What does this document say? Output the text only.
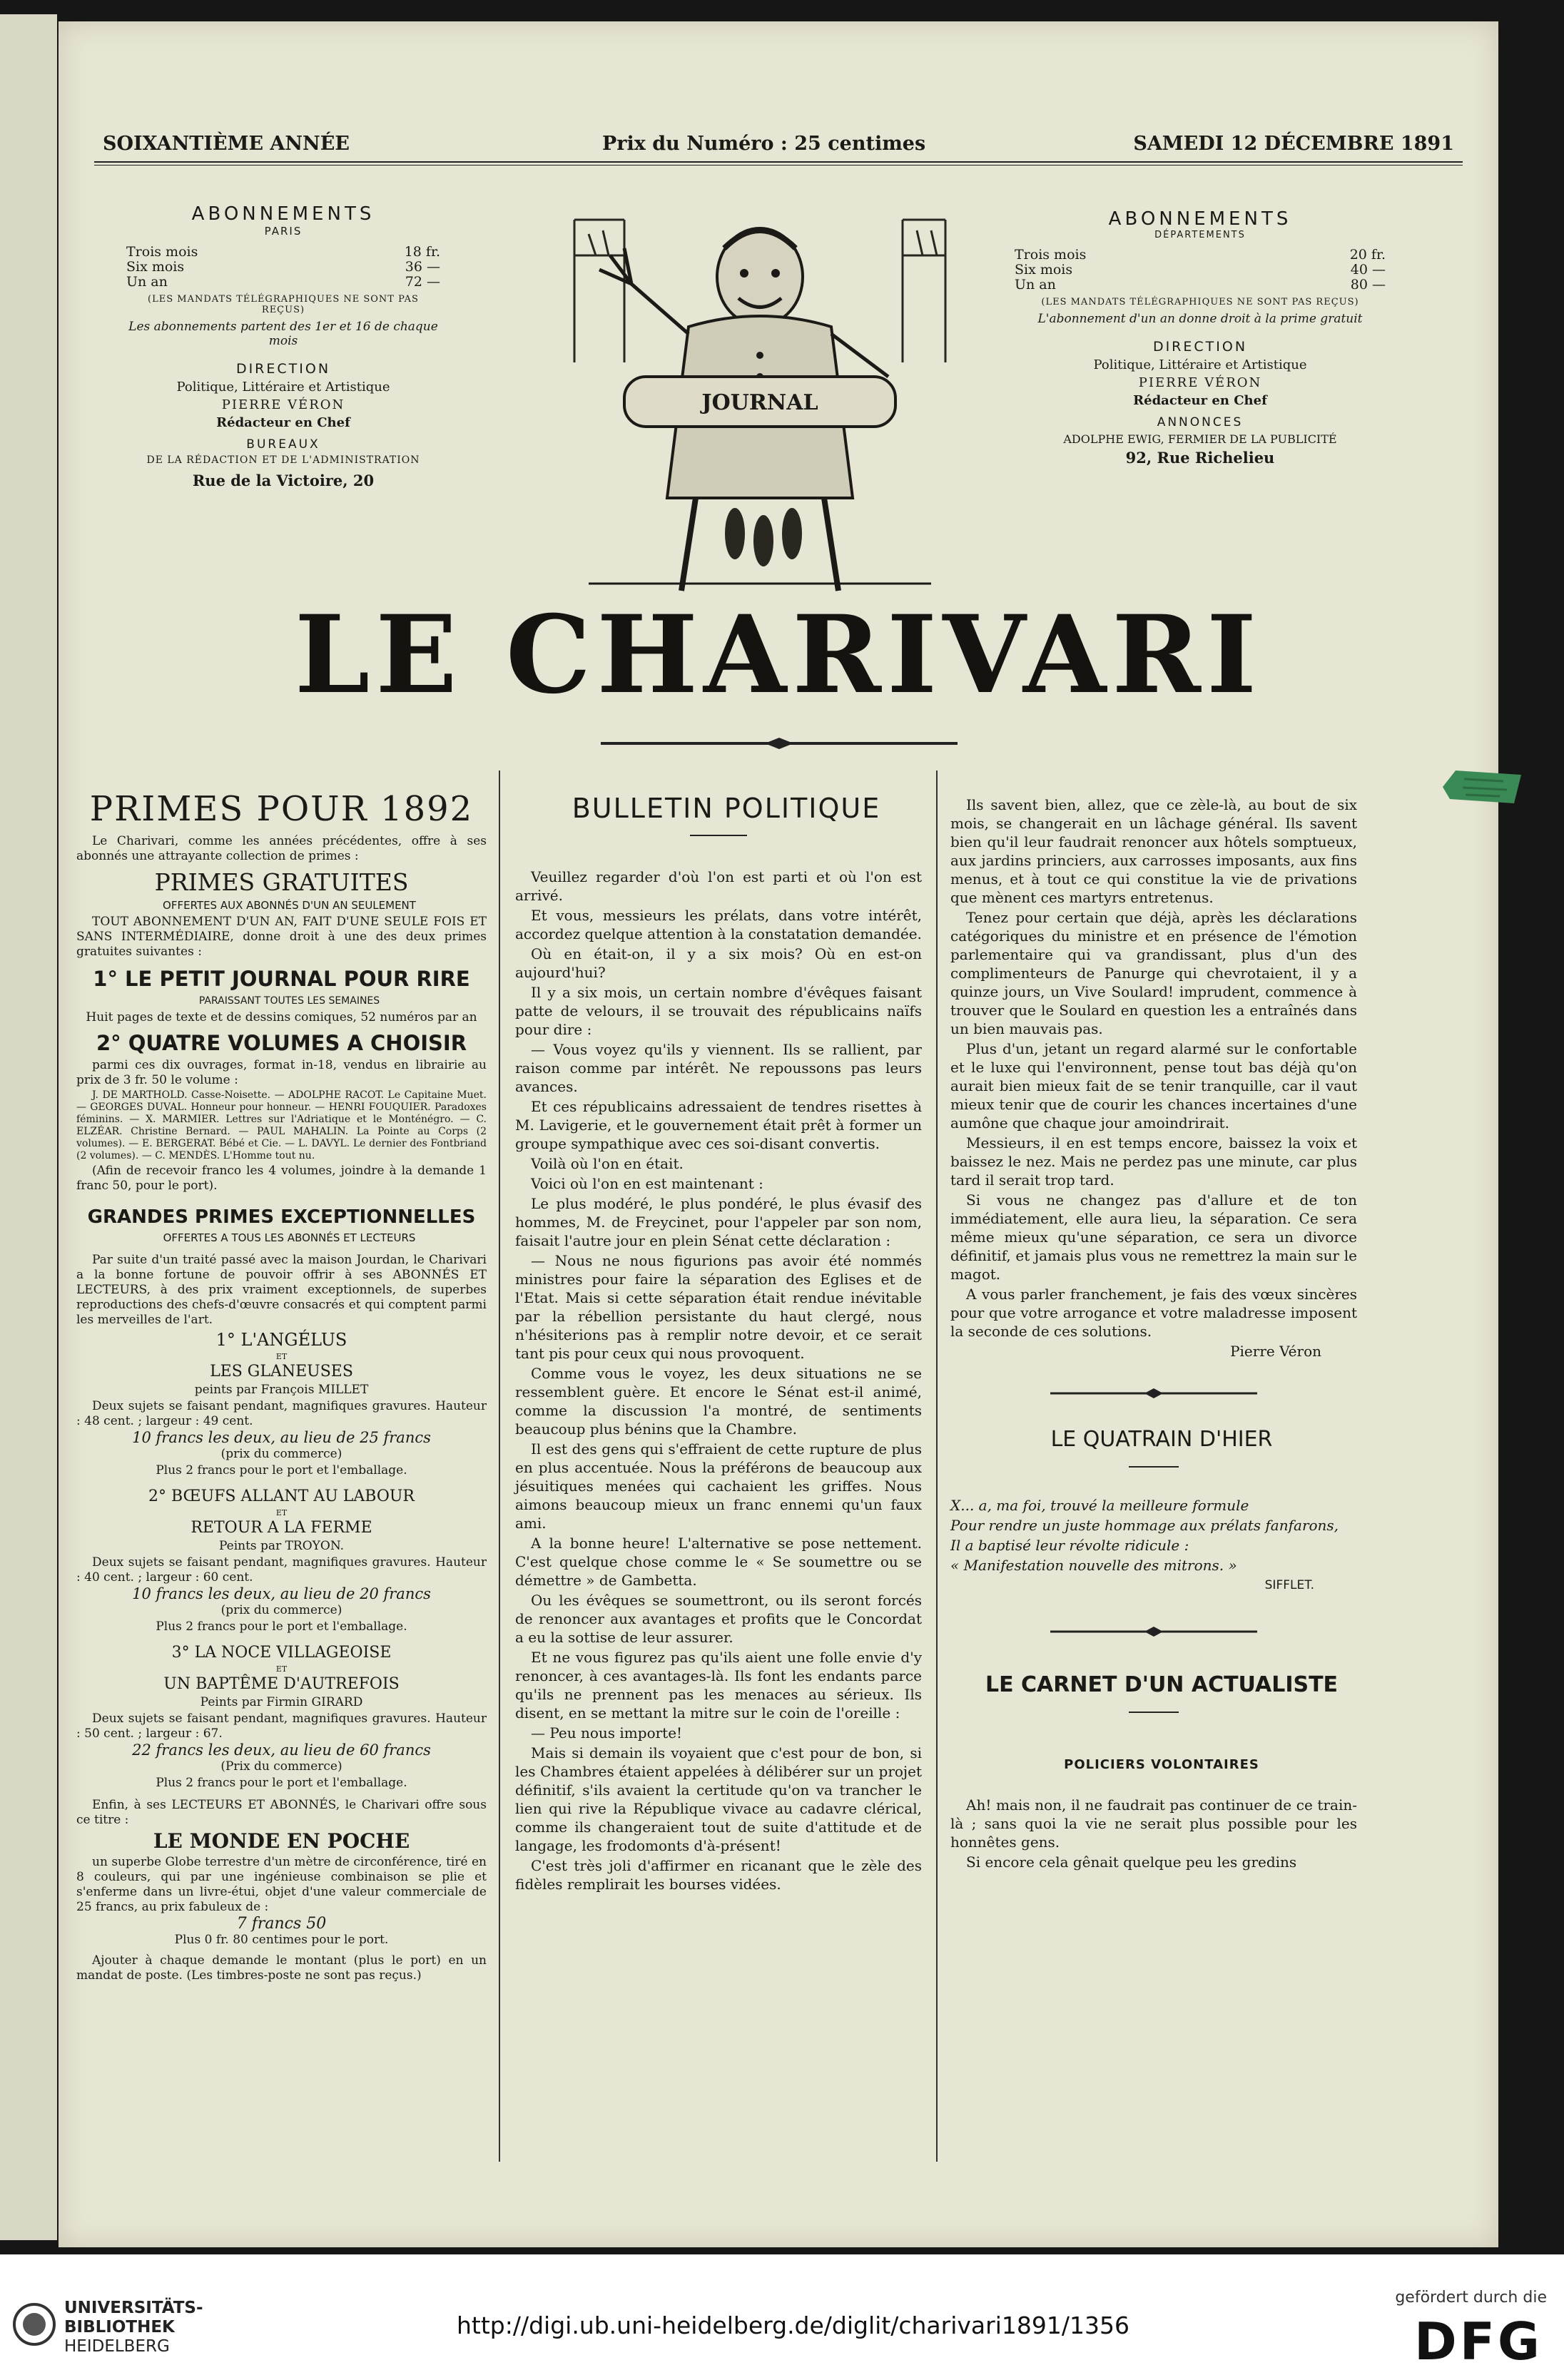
SOIXANTIÈME ANNÉE	Prix du Numéro : 25 centimes	SAMEDI 12 DÉCEMBRE 1891
ABONNEMENTS
PARIS
Trois mois	18 fr.
Six mois	36 —
Un an	72 —
(LES MANDATS TÉLÉGRAPHIQUES NE SONT PAS REÇUS)
Les abonnements partent des 1er et 16 de chaque mois
DIRECTION
Politique, Littéraire et Artistique
PIERRE VÉRON
Rédacteur en Chef
BUREAUX
DE LA RÉDACTION ET DE L'ADMINISTRATION
Rue de la Victoire, 20
ABONNEMENTS
DÉPARTEMENTS
Trois mois	20 fr.
Six mois	40 —
Un an	80 —
(LES MANDATS TÉLÉGRAPHIQUES NE SONT PAS REÇUS)
L'abonnement d'un an donne droit à la prime gratuit
DIRECTION
Politique, Littéraire et Artistique
PIERRE VÉRON
Rédacteur en Chef
ANNONCES
ADOLPHE EWIG, FERMIER DE LA PUBLICITÉ
92, Rue Richelieu
JOURNAL
LE CHARIVARI

PRIMES POUR 1892

Le Charivari, comme les années précédentes, offre à ses abonnés une attrayante collection de primes :

PRIMES GRATUITES

OFFERTES AUX ABONNÉS D'UN AN SEULEMENT

TOUT ABONNEMENT D'UN AN, FAIT D'UNE SEULE FOIS ET SANS INTERMÉDIAIRE, donne droit à une des deux primes gratuites suivantes :

1° LE PETIT JOURNAL POUR RIRE

PARAISSANT TOUTES LES SEMAINES

Huit pages de texte et de dessins comiques, 52 numéros par an

2° QUATRE VOLUMES A CHOISIR

parmi ces dix ouvrages, format in-18, vendus en librairie au prix de 3 fr. 50 le volume :

J. DE MARTHOLD. Casse-Noisette. — ADOLPHE RACOT. Le Capitaine Muet. — GEORGES DUVAL. Honneur pour honneur. — HENRI FOUQUIER. Paradoxes féminins. — X. MARMIER. Lettres sur l'Adriatique et le Monténégro. — C. ELZÉAR. Christine Bernard. — PAUL MAHALIN. La Pointe au Corps (2 volumes). — E. BERGERAT. Bébé et Cie. — L. DAVYL. Le dernier des Fontbriand (2 volumes). — C. MENDÈS. L'Homme tout nu.

(Afin de recevoir franco les 4 volumes, joindre à la demande 1 franc 50, pour le port).

GRANDES PRIMES EXCEPTIONNELLES

OFFERTES A TOUS LES ABONNÉS ET LECTEURS

Par suite d'un traité passé avec la maison Jourdan, le Charivari a la bonne fortune de pouvoir offrir à ses ABONNÉS ET LECTEURS, à des prix vraiment exceptionnels, de superbes reproductions des chefs-d'œuvre consacrés et qui comptent parmi les merveilles de l'art.

1° L'ANGÉLUS

ET

LES GLANEUSES

peints par François MILLET

Deux sujets se faisant pendant, magnifiques gravures. Hauteur : 48 cent. ; largeur : 49 cent.

10 francs les deux, au lieu de 25 francs

(prix du commerce)

Plus 2 francs pour le port et l'emballage.

2° BŒUFS ALLANT AU LABOUR

ET

RETOUR A LA FERME

Peints par TROYON.

Deux sujets se faisant pendant, magnifiques gravures. Hauteur : 40 cent. ; largeur : 60 cent.

10 francs les deux, au lieu de 20 francs

(prix du commerce)

Plus 2 francs pour le port et l'emballage.

3° LA NOCE VILLAGEOISE

ET

UN BAPTÊME D'AUTREFOIS

Peints par Firmin GIRARD

Deux sujets se faisant pendant, magnifiques gravures. Hauteur : 50 cent. ; largeur : 67.

22 francs les deux, au lieu de 60 francs

(Prix du commerce)

Plus 2 francs pour le port et l'emballage.

Enfin, à ses LECTEURS ET ABONNÉS, le Charivari offre sous ce titre :

LE MONDE EN POCHE

un superbe Globe terrestre d'un mètre de circonférence, tiré en 8 couleurs, qui par une ingénieuse combinaison se plie et s'enferme dans un livre-étui, objet d'une valeur commerciale de 25 francs, au prix fabuleux de :

7 francs 50

Plus 0 fr. 80 centimes pour le port.

Ajouter à chaque demande le montant (plus le port) en un mandat de poste. (Les timbres-poste ne sont pas reçus.)

BULLETIN POLITIQUE

Veuillez regarder d'où l'on est parti et où l'on est arrivé.

Et vous, messieurs les prélats, dans votre intérêt, accordez quelque attention à la constatation demandée.

Où en était-on, il y a six mois? Où en est-on aujourd'hui?

Il y a six mois, un certain nombre d'évêques faisant patte de velours, il se trouvait des républicains naïfs pour dire :

— Vous voyez qu'ils y viennent. Ils se rallient, par raison comme par intérêt. Ne repoussons pas leurs avances.

Et ces républicains adressaient de tendres risettes à M. Lavigerie, et le gouvernement était prêt à former un groupe sympathique avec ces soi-disant convertis.

Voilà où l'on en était.

Voici où l'on en est maintenant :

Le plus modéré, le plus pondéré, le plus évasif des hommes, M. de Freycinet, pour l'appeler par son nom, faisait l'autre jour en plein Sénat cette déclaration :

— Nous ne nous figurions pas avoir été nommés ministres pour faire la séparation des Eglises et de l'Etat. Mais si cette séparation était rendue inévitable par la rébellion persistante du haut clergé, nous n'hésiterions pas à remplir notre devoir, et ce serait tant pis pour ceux qui nous provoquent.

Comme vous le voyez, les deux situations ne se ressemblent guère. Et encore le Sénat est-il animé, comme la discussion l'a montré, de sentiments beaucoup plus bénins que la Chambre.

Il est des gens qui s'effraient de cette rupture de plus en plus accentuée. Nous la préférons de beaucoup aux jésuitiques menées qui cachaient les griffes. Nous aimons beaucoup mieux un franc ennemi qu'un faux ami.

A la bonne heure! L'alternative se pose nettement. C'est quelque chose comme le « Se soumettre ou se démettre » de Gambetta.

Ou les évêques se soumettront, ou ils seront forcés de renoncer aux avantages et profits que le Concordat a eu la sottise de leur assurer.

Et ne vous figurez pas qu'ils aient une folle envie d'y renoncer, à ces avantages-là. Ils font les endants parce qu'ils ne prennent pas les menaces au sérieux. Ils disent, en se mettant la mitre sur le coin de l'oreille :

— Peu nous importe!

Mais si demain ils voyaient que c'est pour de bon, si les Chambres étaient appelées à délibérer sur un projet définitif, s'ils avaient la certitude qu'on va trancher le lien qui rive la République vivace au cadavre clérical, comme ils changeraient tout de suite d'attitude et de langage, les frodomonts d'à-présent!

C'est très joli d'affirmer en ricanant que le zèle des fidèles remplirait les bourses vidées.

Ils savent bien, allez, que ce zèle-là, au bout de six mois, se changerait en un lâchage général. Ils savent bien qu'il leur faudrait renoncer aux hôtels somptueux, aux jardins princiers, aux carrosses imposants, aux fins menus, et à tout ce qui constitue la vie de privations que mènent ces martyrs entretenus.

Tenez pour certain que déjà, après les déclarations catégoriques du ministre et en présence de l'émotion parlementaire qui va grandissant, plus d'un des complimenteurs de Panurge qui chevrotaient, il y a quinze jours, un Vive Soulard! imprudent, commence à trouver que le Soulard en question les a entraînés dans un bien mauvais pas.

Plus d'un, jetant un regard alarmé sur le confortable et le luxe qui l'environnent, pense tout bas déjà qu'on aurait bien mieux fait de se tenir tranquille, car il vaut mieux tenir que de courir les chances incertaines d'une aumône que chaque jour amoindrirait.

Messieurs, il en est temps encore, baissez la voix et baissez le nez. Mais ne perdez pas une minute, car plus tard il serait trop tard.

Si vous ne changez pas d'allure et de ton immédiatement, elle aura lieu, la séparation. Ce sera même mieux qu'une séparation, ce sera un divorce définitif, et jamais plus vous ne remettrez la main sur le magot.

A vous parler franchement, je fais des vœux sincères pour que votre arrogance et votre maladresse imposent la seconde de ces solutions.

Pierre Véron

LE QUATRAIN D'HIER

X... a, ma foi, trouvé la meilleure formule

Pour rendre un juste hommage aux prélats fanfarons,

Il a baptisé leur révolte ridicule :

« Manifestation nouvelle des mitrons. »

SIFFLET.

LE CARNET D'UN ACTUALISTE

POLICIERS VOLONTAIRES

Ah! mais non, il ne faudrait pas continuer de ce train-là ; sans quoi la vie ne serait plus possible pour les honnêtes gens.

Si encore cela gênait quelque peu les gredins

UNIVERSITÄTS-
BIBLIOTHEK
HEIDELBERG
http://digi.ub.uni-heidelberg.de/diglit/charivari1891/1356
gefördert durch die
DFG
